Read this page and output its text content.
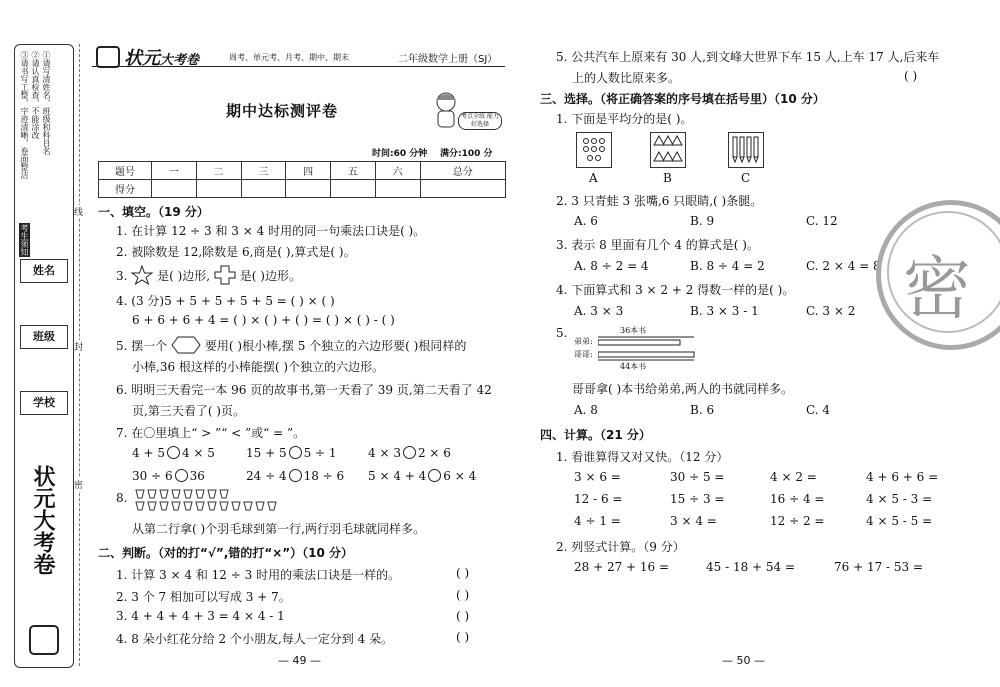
①请写清姓名、班级和科目名
②请认真检查，不能涂改
③请书写工整，字迹清晰，卷面整洁
考生须知
姓名
班级
学校
状元大考卷
线
封
密
状元大考卷	周考、单元考、月考、期中、期末	二年级数学上册（SJ）
期中达标测评卷	考点全练 能力好选择
时间:60 分钟 满分:100 分
题号	一	二	三	四	五	六	总分
得分							
一、填空。（19 分）
1. 在计算 12 ÷ 3 和 3 × 4 时用的同一句乘法口诀是( )。
2. 被除数是 12,除数是 6,商是( ),算式是( )。
3. 是( )边形, 是( )边形。
4. (3 分)5 + 5 + 5 + 5 + 5 = ( ) × ( )
6 + 6 + 6 + 4 = ( ) × ( ) + ( ) = ( ) × ( ) - ( )
5. 摆一个	要用( )根小棒,摆 5 个独立的六边形要( )根同样的
小棒,36 根这样的小棒能摆( )个独立的六边形。
6. 明明三天看完一本 96 页的故事书,第一天看了 39 页,第二天看了 42
页,第三天看了( )页。
7. 在〇里填上“ > ”“ < ”或“ = ”。
4 + 5 4 × 5	15 + 5 5 ÷ 1	4 × 3 2 × 6
30 ÷ 6 36	24 ÷ 4 18 ÷ 6 5 × 4 + 4 6 × 4
8.
从第二行拿( )个羽毛球到第一行,两行羽毛球就同样多。
二、判断。（对的打“√”,错的打“×”）（10 分）
1. 计算 3 × 4 和 12 ÷ 3 时用的乘法口诀是一样的。	( )
2. 3 个 7 相加可以写成 3 + 7。	( )
3. 4 + 4 + 4 + 3 = 4 × 4 - 1	( )
4. 8 朵小红花分给 2 个小朋友,每人一定分到 4 朵。	( )
— 49 —
5. 公共汽车上原来有 30 人,到文峰大世界下车 15 人,上车 17 人,后来车
上的人数比原来多。	( )
三、选择。（将正确答案的序号填在括号里）（10 分）
1. 下面是平均分的是( )。
A	B	C
2. 3 只青蛙 3 张嘴,6 只眼睛,( )条腿。
A. 6	B. 9	C. 12
3. 表示 8 里面有几个 4 的算式是( )。
A. 8 ÷ 2 = 4	B. 8 ÷ 4 = 2	C. 2 × 4 = 8
4. 下面算式和 3 × 2 + 2 得数一样的是( )。
A. 3 × 3	B. 3 × 3 - 1	C. 3 × 2
5.	36本书
弟弟:
哥哥:
44本书
哥哥拿( )本书给弟弟,两人的书就同样多。
A. 8	B. 6	C. 4
四、计算。（21 分）
1. 看谁算得又对又快。（12 分）
3 × 6 =	30 ÷ 5 =	4 × 2 =	4 + 6 + 6 =
12 - 6 =	15 ÷ 3 =	16 ÷ 4 =	4 × 5 - 3 =
4 ÷ 1 =	3 × 4 =	12 ÷ 2 =	4 × 5 - 5 =
2. 列竖式计算。（9 分）
28 + 27 + 16 =	45 - 18 + 54 =	76 + 17 - 53 =
— 50 —
密
